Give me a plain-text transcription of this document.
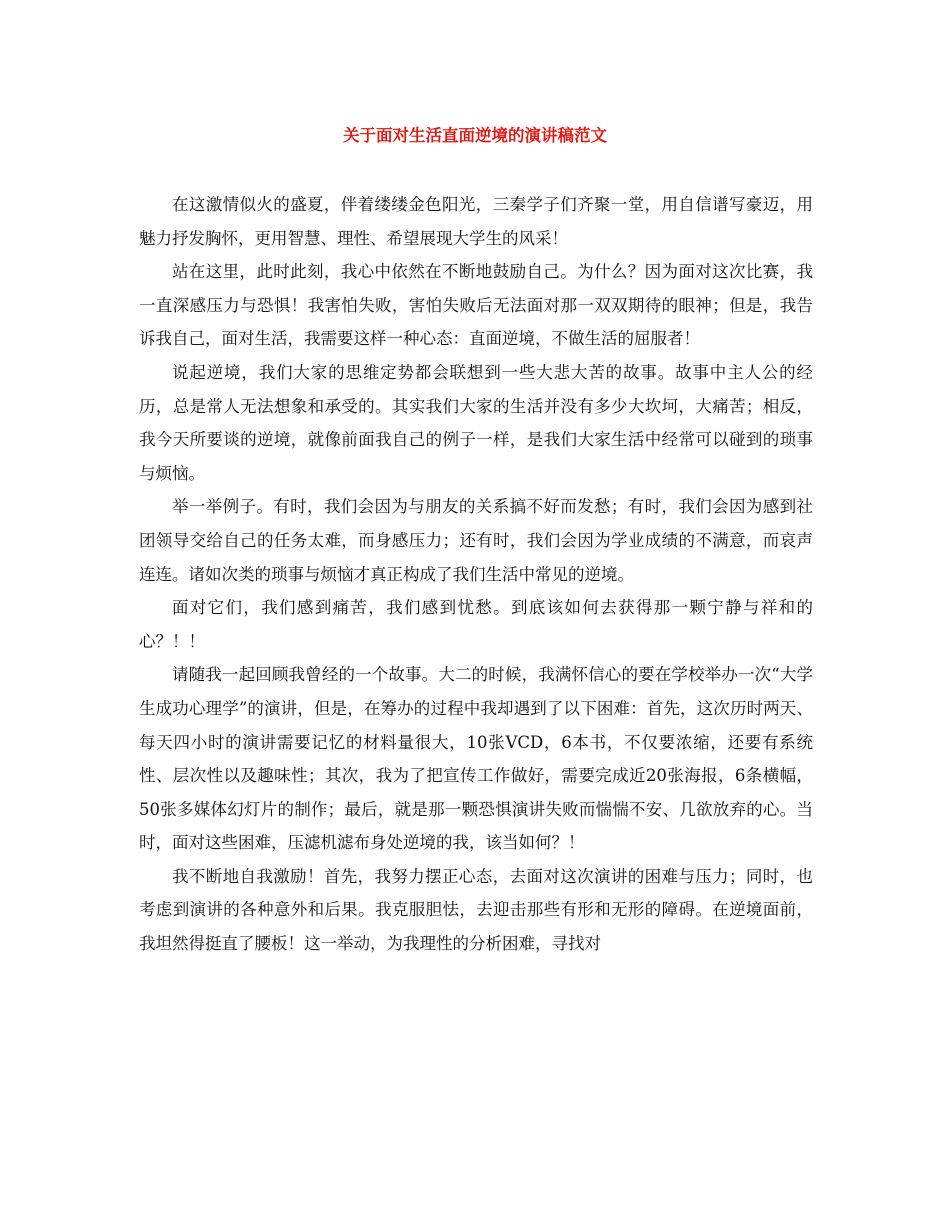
关于面对生活直面逆境的演讲稿范文

在这激情似火的盛夏，伴着缕缕金色阳光，三秦学子们齐聚一堂，用自信谱写豪迈，用魅力抒发胸怀，更用智慧、理性、希望展现大学生的风采！

站在这里，此时此刻，我心中依然在不断地鼓励自己。为什么？因为面对这次比赛，我一直深感压力与恐惧！我害怕失败，害怕失败后无法面对那一双双期待的眼神；但是，我告诉我自己，面对生活，我需要这样一种心态：直面逆境，不做生活的屈服者！

说起逆境，我们大家的思维定势都会联想到一些大悲大苦的故事。故事中主人公的经历，总是常人无法想象和承受的。其实我们大家的生活并没有多少大坎坷，大痛苦；相反，我今天所要谈的逆境，就像前面我自己的例子一样，是我们大家生活中经常可以碰到的琐事与烦恼。

举一举例子。有时，我们会因为与朋友的关系搞不好而发愁；有时，我们会因为感到社团领导交给自己的任务太难，而身感压力；还有时，我们会因为学业成绩的不满意，而哀声连连。诸如次类的琐事与烦恼才真正构成了我们生活中常见的逆境。

面对它们，我们感到痛苦，我们感到忧愁。到底该如何去获得那一颗宁静与祥和的心？！！

请随我一起回顾我曾经的一个故事。大二的时候，我满怀信心的要在学校举办一次“大学生成功心理学”的演讲，但是，在筹办的过程中我却遇到了以下困难：首先，这次历时两天、每天四小时的演讲需要记忆的材料量很大，10张VCD，6本书，不仅要浓缩，还要有系统性、层次性以及趣味性；其次，我为了把宣传工作做好，需要完成近20张海报，6条横幅，50张多媒体幻灯片的制作；最后，就是那一颗恐惧演讲失败而惴惴不安、几欲放弃的心。当时，面对这些困难，压滤机滤布身处逆境的我，该当如何？！

我不断地自我激励！首先，我努力摆正心态，去面对这次演讲的困难与压力；同时，也考虑到演讲的各种意外和后果。我克服胆怯，去迎击那些有形和无形的障碍。在逆境面前，我坦然得挺直了腰板！这一举动，为我理性的分析困难，寻找对
